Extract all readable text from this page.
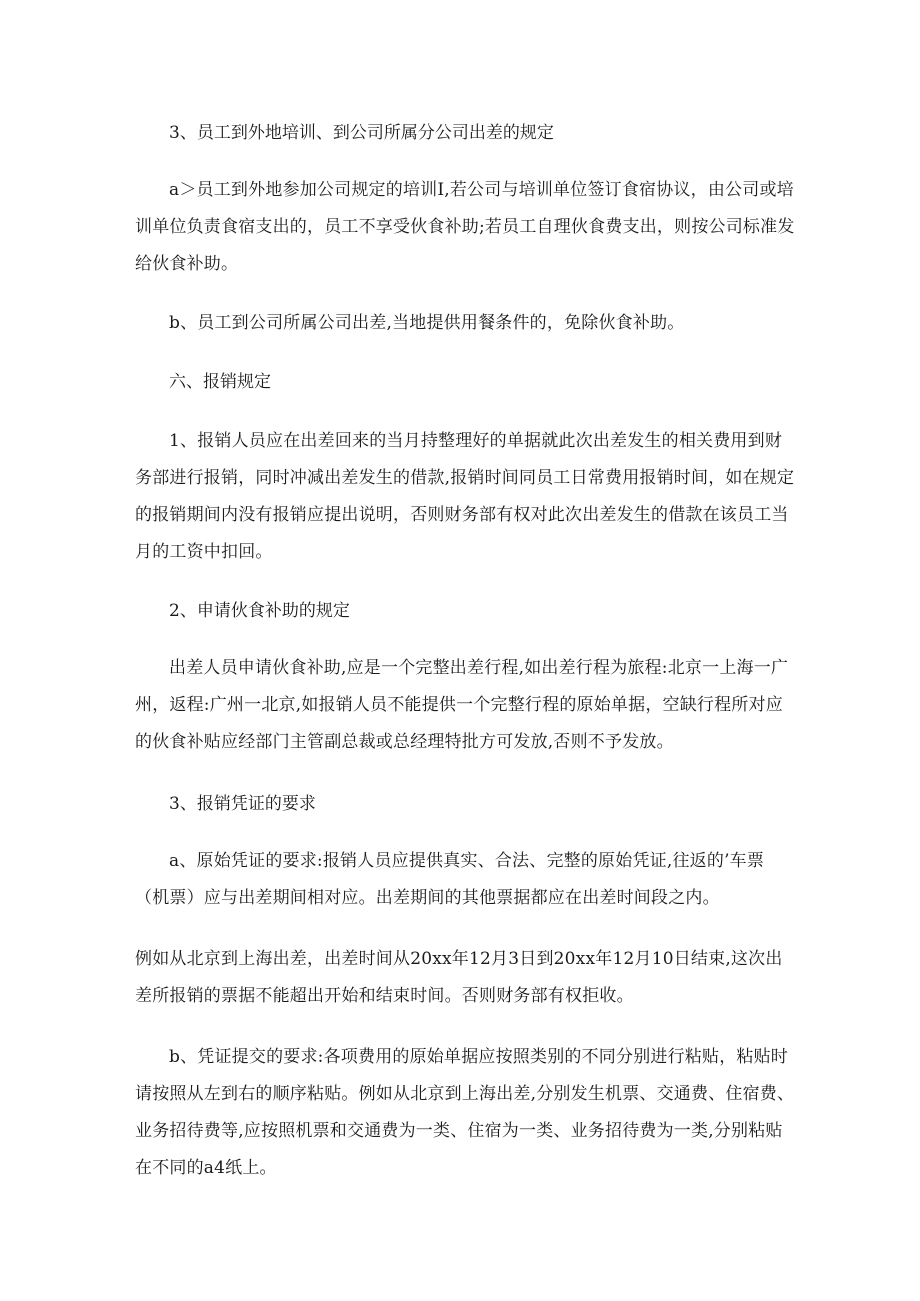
3、员工到外地培训、到公司所属分公司出差的规定

a＞员工到外地参加公司规定的培训I,若公司与培训单位签订食宿协议，由公司或培训单位负责食宿支出的，员工不享受伙食补助;若员工自理伙食费支出，则按公司标准发给伙食补助。

b、员工到公司所属公司出差,当地提供用餐条件的，免除伙食补助。

六、报销规定

1、报销人员应在出差回来的当月持整理好的单据就此次出差发生的相关费用到财务部进行报销，同时冲减出差发生的借款,报销时间同员工日常费用报销时间，如在规定的报销期间内没有报销应提出说明，否则财务部有权对此次出差发生的借款在该员工当月的工资中扣回。

2、申请伙食补助的规定

出差人员申请伙食补助,应是一个完整出差行程,如出差行程为旅程:北京一上海一广州，返程:广州一北京,如报销人员不能提供一个完整行程的原始单据，空缺行程所对应的伙食补贴应经部门主管副总裁或总经理特批方可发放,否则不予发放。

3、报销凭证的要求

a、原始凭证的要求:报销人员应提供真实、合法、完整的原始凭证,往返的’车票（机票）应与出差期间相对应。出差期间的其他票据都应在出差时间段之内。

例如从北京到上海出差，出差时间从20xx年12月3日到20xx年12月10日结束,这次出差所报销的票据不能超出开始和结束时间。否则财务部有权拒收。

b、凭证提交的要求:各项费用的原始单据应按照类别的不同分别进行粘贴，粘贴时请按照从左到右的顺序粘贴。例如从北京到上海出差,分别发生机票、交通费、住宿费、业务招待费等,应按照机票和交通费为一类、住宿为一类、业务招待费为一类,分别粘贴在不同的a4纸上。
